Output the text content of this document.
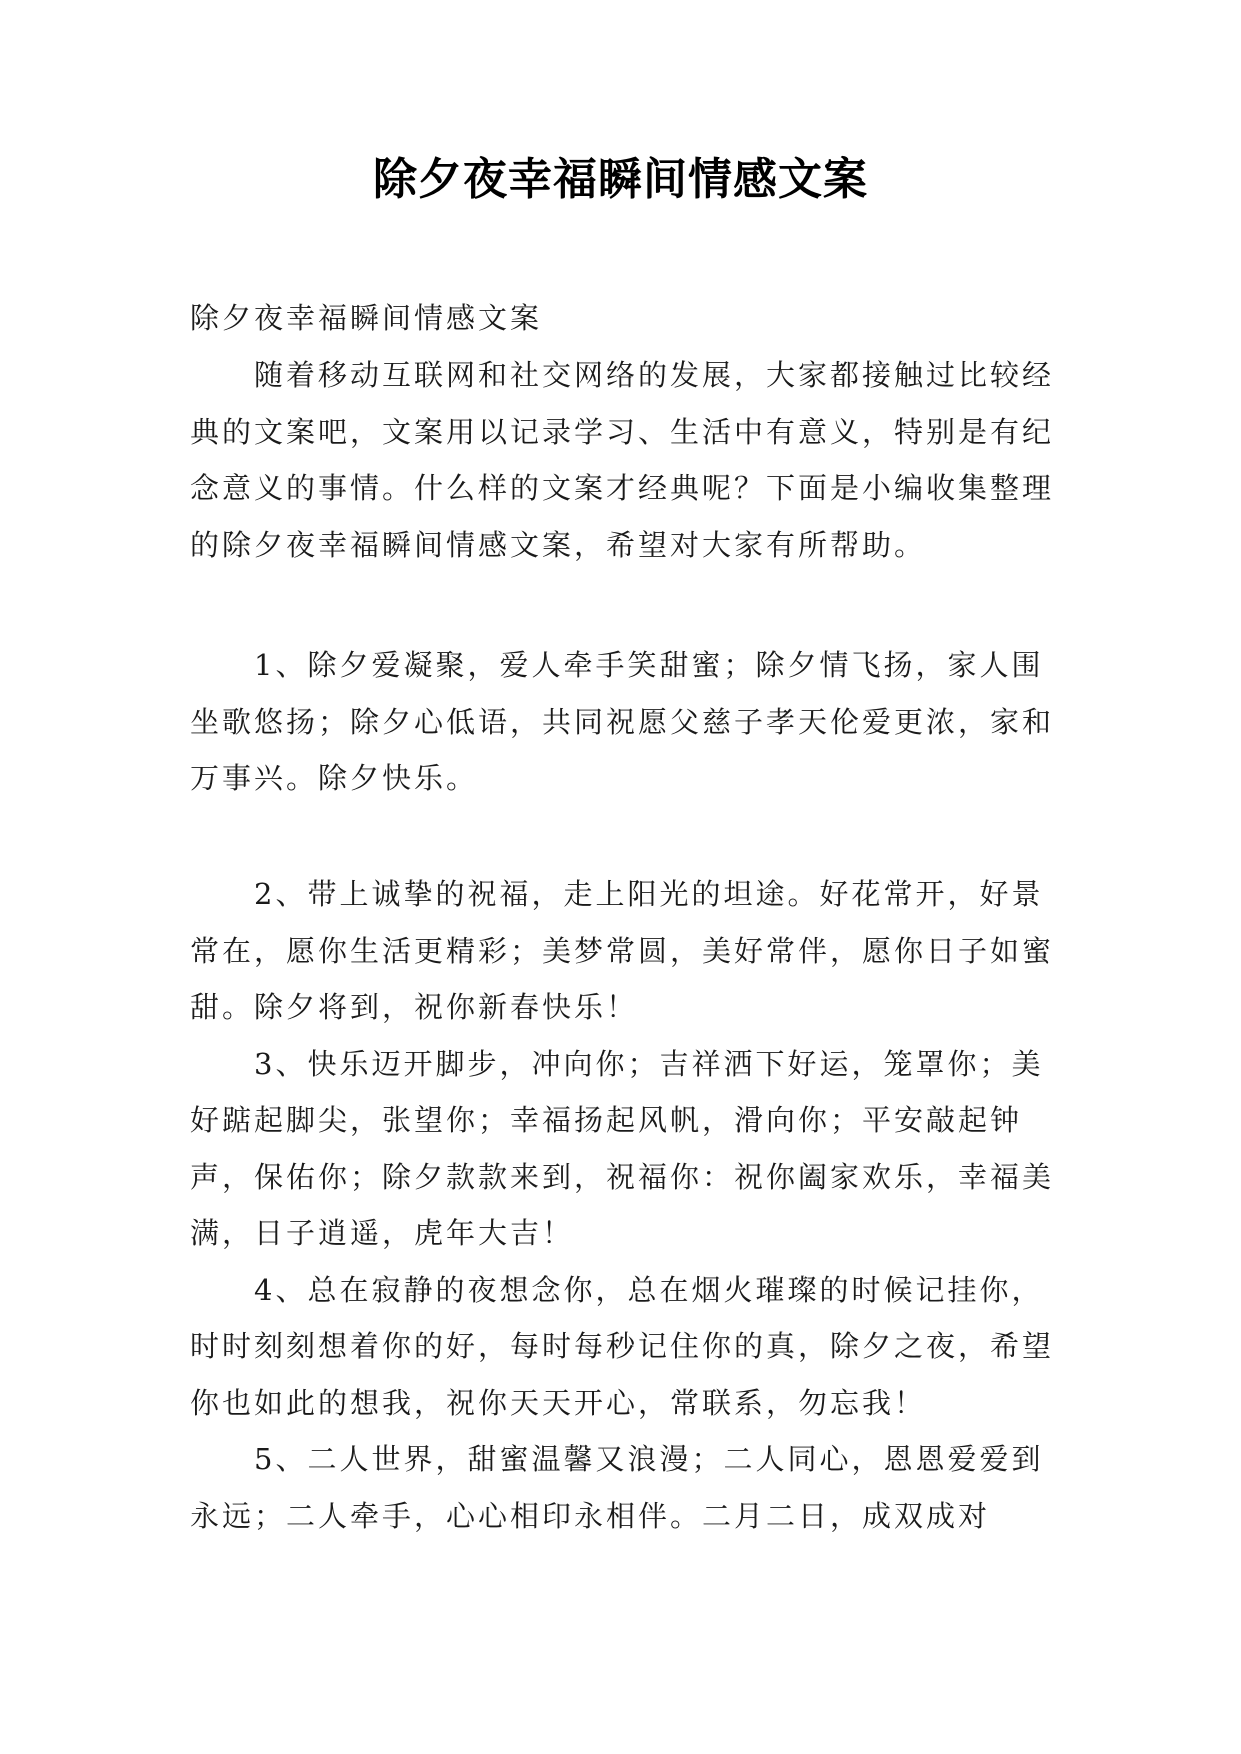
除夕夜幸福瞬间情感文案
除夕夜幸福瞬间情感文案

随着移动互联网和社交网络的发展，大家都接触过比较经典的文案吧，文案用以记录学习、生活中有意义，特别是有纪念意义的事情。什么样的文案才经典呢？下面是小编收集整理的除夕夜幸福瞬间情感文案，希望对大家有所帮助。

1、除夕爱凝聚，爱人牵手笑甜蜜；除夕情飞扬，家人围坐歌悠扬；除夕心低语，共同祝愿父慈子孝天伦爱更浓，家和万事兴。除夕快乐。

2、带上诚挚的祝福，走上阳光的坦途。好花常开，好景常在，愿你生活更精彩；美梦常圆，美好常伴，愿你日子如蜜甜。除夕将到，祝你新春快乐！

3、快乐迈开脚步，冲向你；吉祥洒下好运，笼罩你；美好踮起脚尖，张望你；幸福扬起风帆，滑向你；平安敲起钟声，保佑你；除夕款款来到，祝福你：祝你阖家欢乐，幸福美满，日子逍遥，虎年大吉！

4、总在寂静的夜想念你，总在烟火璀璨的时候记挂你，时时刻刻想着你的好，每时每秒记住你的真，除夕之夜，希望你也如此的想我，祝你天天开心，常联系，勿忘我！

5、二人世界，甜蜜温馨又浪漫；二人同心，恩恩爱爱到永远；二人牵手，心心相印永相伴。二月二日，成双成对
